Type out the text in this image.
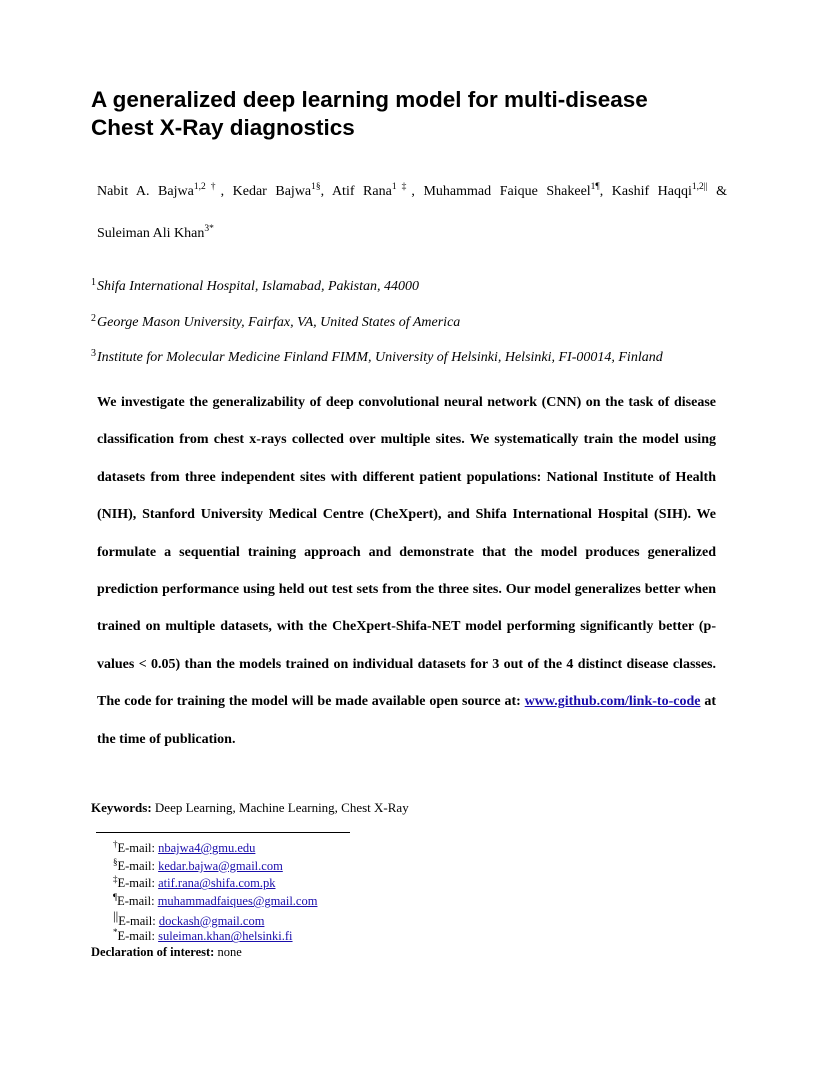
A generalized deep learning model for multi-disease
Chest X-Ray diagnostics
Nabit A. Bajwa$^{1,2\dagger}$, Kedar Bajwa$^{1\S}$, Atif Rana$^{1\ddagger}$, Muhammad Faique Shakeel$^{1\P}$, Kashif Haqqi$^{1,2||}$ &
Suleiman Ali Khan$^{3*}$
$^1$Shifa International Hospital, Islamabad, Pakistan, 44000
$^2$George Mason University, Fairfax, VA, United States of America
$^3$Institute for Molecular Medicine Finland FIMM, University of Helsinki, Helsinki, FI-00014, Finland

We investigate the generalizability of deep convolutional neural network (CNN) on the task of disease classification from chest x-rays collected over multiple sites. We systematically train the model using datasets from three independent sites with different patient populations: National Institute of Health (NIH), Stanford University Medical Centre (CheXpert), and Shifa International Hospital (SIH). We formulate a sequential training approach and demonstrate that the model produces generalized prediction performance using held out test sets from the three sites. Our model generalizes better when trained on multiple datasets, with the CheXpert-Shifa-NET model performing significantly better (p-values < 0.05) than the models trained on individual datasets for 3 out of the 4 distinct disease classes. The code for training the model will be made available open source at: www.github.com/link-to-code at the time of publication.

Keywords: Deep Learning, Machine Learning, Chest X-Ray
†E-mail: nbajwa4@gmu.edu
§E-mail: kedar.bajwa@gmail.com
‡E-mail: atif.rana@shifa.com.pk
¶E-mail: muhammadfaiques@gmail.com
||E-mail: dockash@gmail.com
*E-mail: suleiman.khan@helsinki.fi
Declaration of interest: none
